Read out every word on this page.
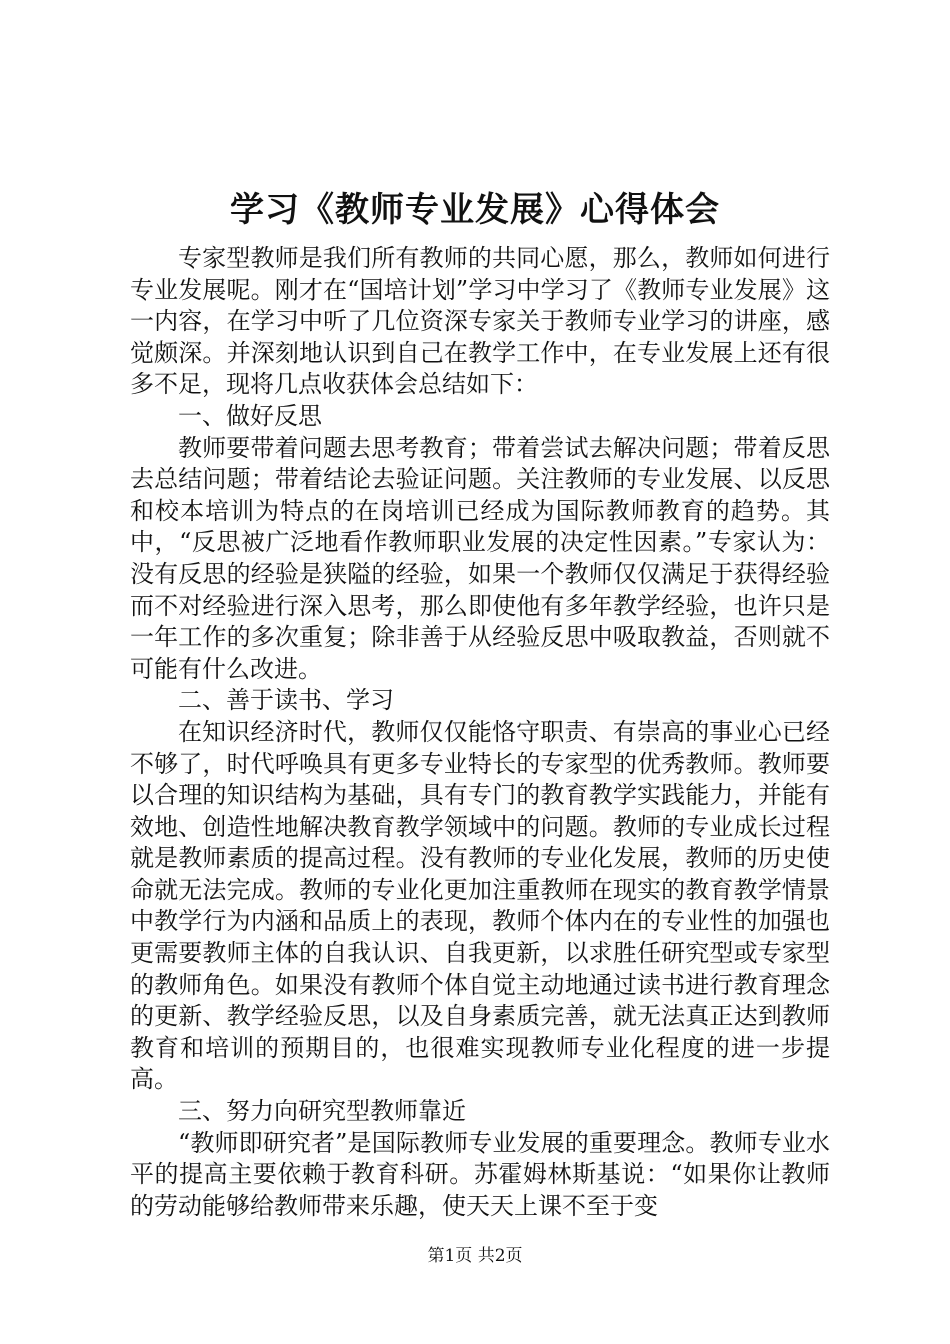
学习《教师专业发展》心得体会

专家型教师是我们所有教师的共同心愿，那么，教师如何进行专业发展呢。刚才在“国培计划”学习中学习了《教师专业发展》这一内容，在学习中听了几位资深专家关于教师专业学习的讲座，感觉颇深。并深刻地认识到自己在教学工作中，在专业发展上还有很多不足，现将几点收获体会总结如下：

一、做好反思

教师要带着问题去思考教育；带着尝试去解决问题；带着反思去总结问题；带着结论去验证问题。关注教师的专业发展、以反思和校本培训为特点的在岗培训已经成为国际教师教育的趋势。其中，“反思被广泛地看作教师职业发展的决定性因素。”专家认为：没有反思的经验是狭隘的经验，如果一个教师仅仅满足于获得经验而不对经验进行深入思考，那么即使他有多年教学经验，也许只是一年工作的多次重复；除非善于从经验反思中吸取教益，否则就不可能有什么改进。

二、善于读书、学习

在知识经济时代，教师仅仅能恪守职责、有崇高的事业心已经不够了，时代呼唤具有更多专业特长的专家型的优秀教师。教师要以合理的知识结构为基础，具有专门的教育教学实践能力，并能有效地、创造性地解决教育教学领域中的问题。教师的专业成长过程就是教师素质的提高过程。没有教师的专业化发展，教师的历史使命就无法完成。教师的专业化更加注重教师在现实的教育教学情景中教学行为内涵和品质上的表现，教师个体内在的专业性的加强也更需要教师主体的自我认识、自我更新，以求胜任研究型或专家型的教师角色。如果没有教师个体自觉主动地通过读书进行教育理念的更新、教学经验反思，以及自身素质完善，就无法真正达到教师教育和培训的预期目的，也很难实现教师专业化程度的进一步提高。

三、努力向研究型教师靠近

“教师即研究者”是国际教师专业发展的重要理念。教师专业水平的提高主要依赖于教育科研。苏霍姆林斯基说：“如果你让教师的劳动能够给教师带来乐趣，使天天上课不至于变

第1页 共2页
